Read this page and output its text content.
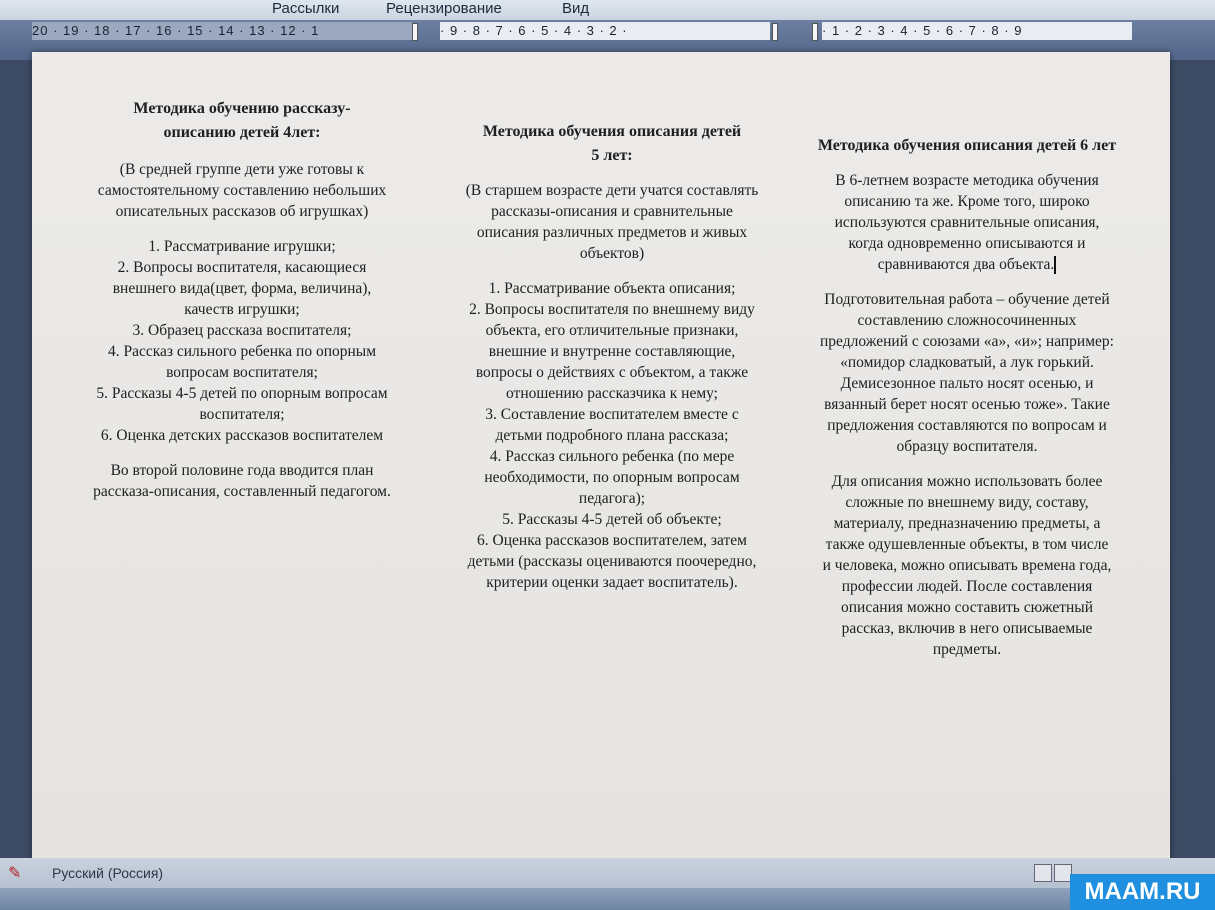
Рассылки	Рецензирование	Вид
20 · 19 · 18 · 17 · 16 · 15 · 14 · 13 · 12 · 1	· 9 · 8 · 7 · 6 · 5 · 4 · 3 · 2 ·	· 1 · 2 · 3 · 4 · 5 · 6 · 7 · 8 · 9
Методика обучению рассказу-описанию детей 4лет:

(В средней группе дети уже готовы к самостоятельному составлению небольших описательных рассказов об игрушках)

1. Рассматривание игрушки;
2. Вопросы воспитателя, касающиеся внешнего вида(цвет, форма, величина), качеств игрушки;
3. Образец рассказа воспитателя;
4. Рассказ сильного ребенка по опорным вопросам воспитателя;
5. Рассказы 4-5 детей по опорным вопросам воспитателя;
6. Оценка детских рассказов воспитателем

Во второй половине года вводится план рассказа-описания, составленный педагогом.

Методика обучения описания детей 5 лет:

(В старшем возрасте дети учатся составлять рассказы-описания и сравнительные описания различных предметов и живых объектов)

1. Рассматривание объекта описания;
2. Вопросы воспитателя по внешнему виду объекта, его отличительные признаки, внешние и внутренне составляющие, вопросы о действиях с объектом, а также отношению рассказчика к нему;
3. Составление воспитателем вместе с детьми подробного плана рассказа;
4. Рассказ сильного ребенка (по мере необходимости, по опорным вопросам педагога);
5. Рассказы 4-5 детей об объекте;
6. Оценка рассказов воспитателем, затем детьми (рассказы оцениваются поочередно, критерии оценки задает воспитатель).
Методика обучения описания детей 6 лет

В 6-летнем возрасте методика обучения описанию та же. Кроме того, широко используются сравнительные описания, когда одновременно описываются и сравниваются два объекта.

Подготовительная работа – обучение детей составлению сложносочиненных предложений с союзами «а», «и»; например: «помидор сладковатый, а лук горький. Демисезонное пальто носят осенью, и вязанный берет носят осенью тоже». Такие предложения составляются по вопросам и образцу воспитателя.

Для описания можно использовать более сложные по внешнему виду, составу, материалу, предназначению предметы, а также одушевленные объекты, в том числе и человека, можно описывать времена года, профессии людей. После составления описания можно составить сюжетный рассказ, включив в него описываемые предметы.

✎ Русский (Россия)
MAAM.RU
